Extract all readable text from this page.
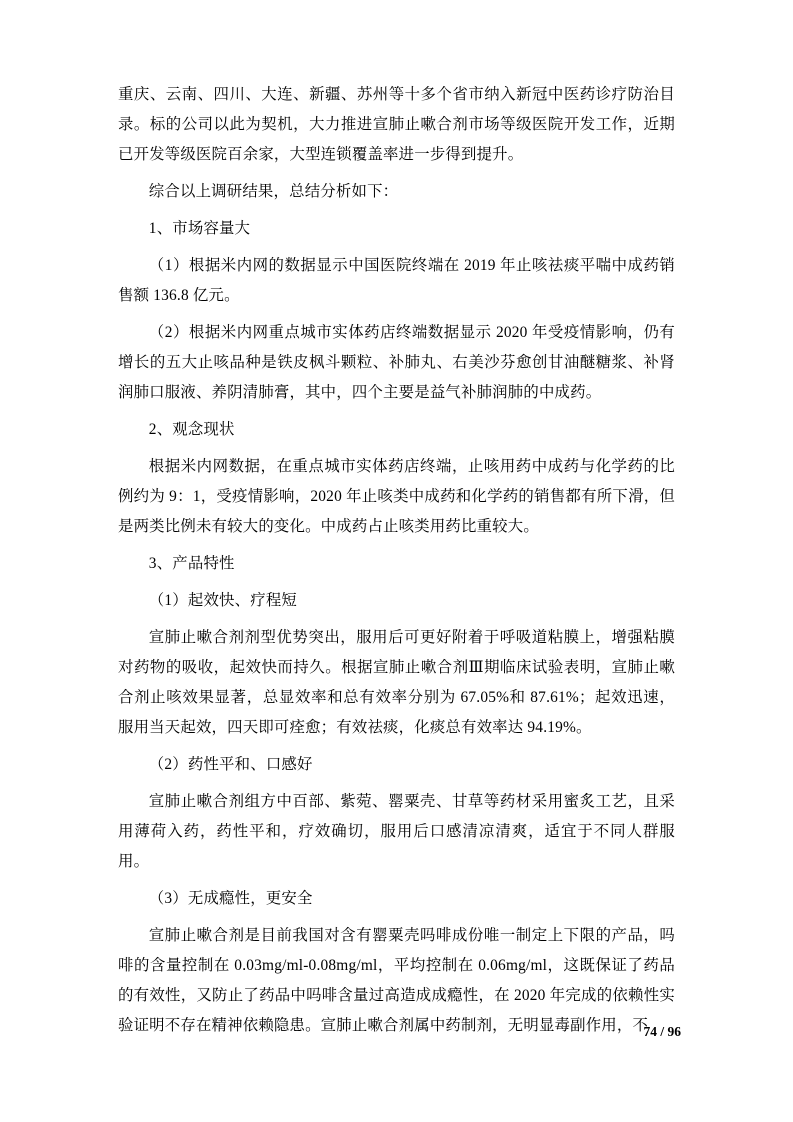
重庆、云南、四川、大连、新疆、苏州等十多个省市纳入新冠中医药诊疗防治目录。标的公司以此为契机，大力推进宣肺止嗽合剂市场等级医院开发工作，近期已开发等级医院百余家，大型连锁覆盖率进一步得到提升。

综合以上调研结果，总结分析如下：

1、市场容量大

（1）根据米内网的数据显示中国医院终端在 2019 年止咳祛痰平喘中成药销售额 136.8 亿元。

（2）根据米内网重点城市实体药店终端数据显示 2020 年受疫情影响，仍有增长的五大止咳品种是铁皮枫斗颗粒、补肺丸、右美沙芬愈创甘油醚糖浆、补肾润肺口服液、养阴清肺膏，其中，四个主要是益气补肺润肺的中成药。

2、观念现状

根据米内网数据，在重点城市实体药店终端，止咳用药中成药与化学药的比例约为 9：1，受疫情影响，2020 年止咳类中成药和化学药的销售都有所下滑，但是两类比例未有较大的变化。中成药占止咳类用药比重较大。

3、产品特性

（1）起效快、疗程短

宣肺止嗽合剂剂型优势突出，服用后可更好附着于呼吸道粘膜上，增强粘膜对药物的吸收，起效快而持久。根据宣肺止嗽合剂Ⅲ期临床试验表明，宣肺止嗽合剂止咳效果显著，总显效率和总有效率分别为 67.05%和 87.61%；起效迅速，服用当天起效，四天即可痊愈；有效祛痰，化痰总有效率达 94.19%。

（2）药性平和、口感好

宣肺止嗽合剂组方中百部、紫菀、罂粟壳、甘草等药材采用蜜炙工艺，且采用薄荷入药，药性平和，疗效确切，服用后口感清凉清爽，适宜于不同人群服用。

（3）无成瘾性，更安全

宣肺止嗽合剂是目前我国对含有罂粟壳吗啡成份唯一制定上下限的产品，吗啡的含量控制在 0.03mg/ml-0.08mg/ml，平均控制在 0.06mg/ml，这既保证了药品的有效性，又防止了药品中吗啡含量过高造成成瘾性，在 2020 年完成的依赖性实验证明不存在精神依赖隐患。宣肺止嗽合剂属中药制剂，无明显毒副作用，不

74 / 96
